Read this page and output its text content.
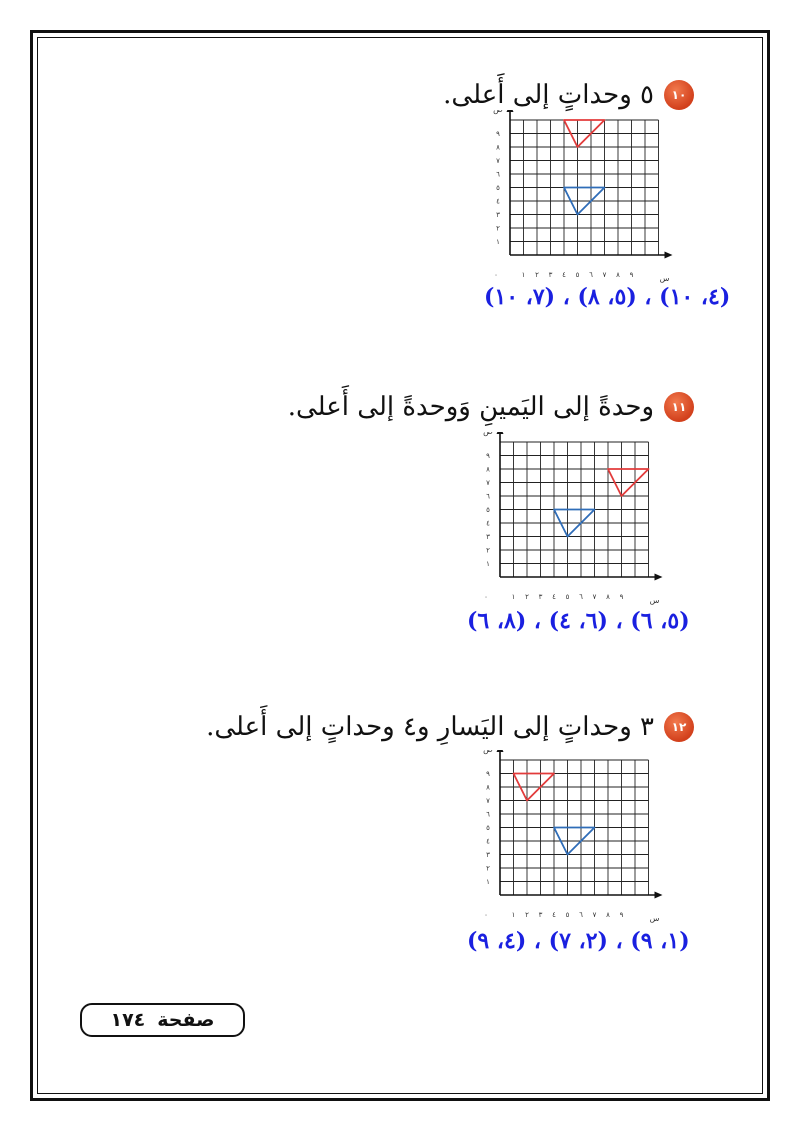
١٠
٥ وحداتٍ إلى أَعلى.
١ ٢ ٣ ٤ ٥ ٦ ٧ ٨ ٩
١
٢
٣
٤
٥
٦
٧
٨
٩
٠	س
(٤، ١٠) ، (٥، ٨) ، (٧، ١٠)
١١
وحدةً إلى اليَمينِ وَوحدةً إلى أَعلى.
١ ٢ ٣ ٤ ٥ ٦ ٧ ٨ ٩
١
٢
٣
٤
٥
٦
٧
٨
٩
٠	س
(٥، ٦) ، (٦، ٤) ، (٨، ٦)
١٢
٣ وحداتٍ إلى اليَسارِ و٤ وحداتٍ إلى أَعلى.
١ ٢ ٣ ٤ ٥ ٦ ٧ ٨ ٩
١
٢
٣
٤
٥
٦
٧
٨
٩
٠	س
(١، ٩) ، (٢، ٧) ، (٤، ٩)
صفحة
١٧٤
